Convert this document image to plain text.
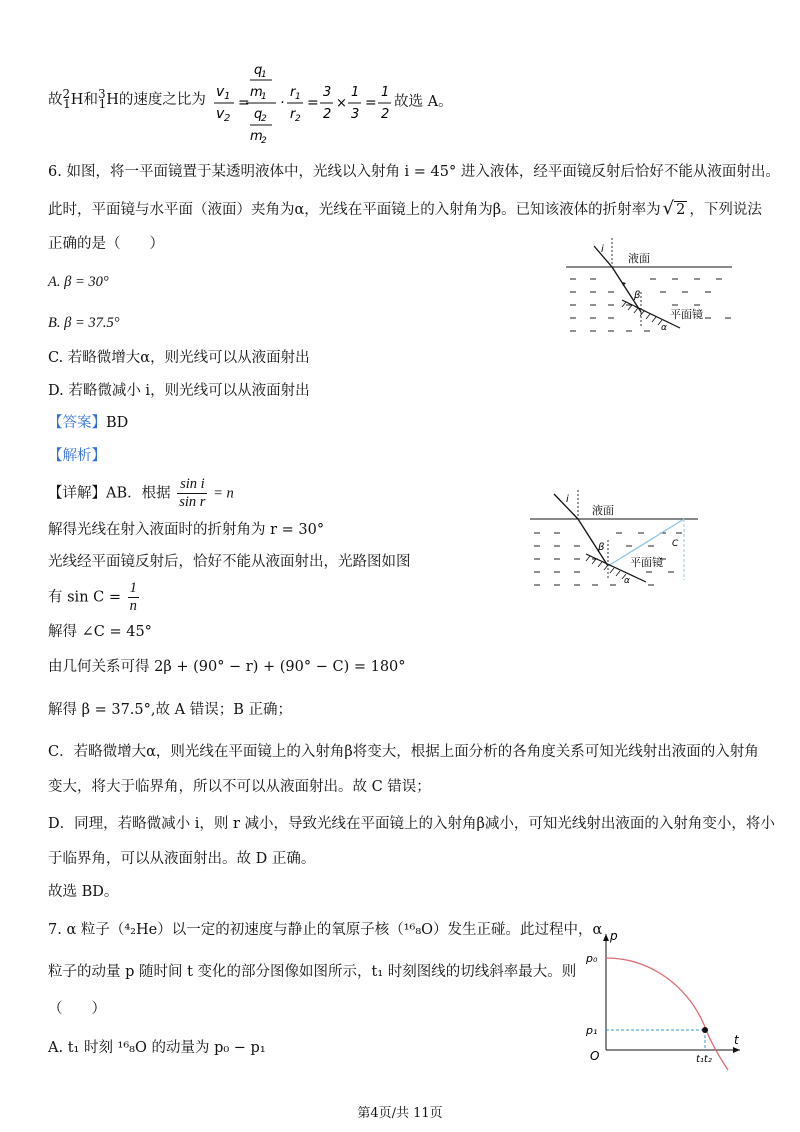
故$^2_1$H和$^3_1$H的速度之比为 v 1
v 2
=
q
1
m
1
q
2
m
2
·
r 1
r 2
=
3
2
×
1
3
=
1
2
故选 A。
6. 如图，将一平面镜置于某透明液体中，光线以入射角 i = 45° 进入液体，经平面镜反射后恰好不能从液面射出。
此时，平面镜与水平面（液面）夹角为α，光线在平面镜上的入射角为β。已知该液体的折射率为 √ 2 ，下列说法
正确的是（　　）
A. β = 30°
B. β = 37.5°
C. 若略微增大α，则光线可以从液面射出
D. 若略微减小 i，则光线可以从液面射出
i
液面
β
平面镜
α
【答案】BD
【解析】
【详解】AB．根据 $\frac{\text{sin i}}{\text{sin r}} = n$
解得光线在射入液面时的折射角为 r = 30°
光线经平面镜反射后，恰好不能从液面射出，光路图如图
有 $\sin C = \frac{1}{n}$
解得 ∠C = 45°
由几何关系可得 2β + (90° − r) + (90° − C) = 180°
解得 β = 37.5°,故 A 错误；B 正确；
C．若略微增大α，则光线在平面镜上的入射角β将变大，根据上面分析的各角度关系可知光线射出液面的入射角
变大，将大于临界角，所以不可以从液面射出。故 C 错误；
D．同理，若略微减小 i，则 r 减小，导致光线在平面镜上的入射角β减小，可知光线射出液面的入射角变小，将小
于临界角，可以从液面射出。故 D 正确。
故选 BD。
i
液面
β	C
平面镜
α
7. α 粒子（⁴₂He）以一定的初速度与静止的氧原子核（¹⁶₈O）发生正碰。此过程中，α
粒子的动量 p 随时间 t 变化的部分图像如图所示，t₁ 时刻图线的切线斜率最大。则
（　　）
A. t₁ 时刻 ¹⁶₈O 的动量为 p₀ − p₁
p
t
O
p₀
p₁
t₁t₂
第4页/共 11页
